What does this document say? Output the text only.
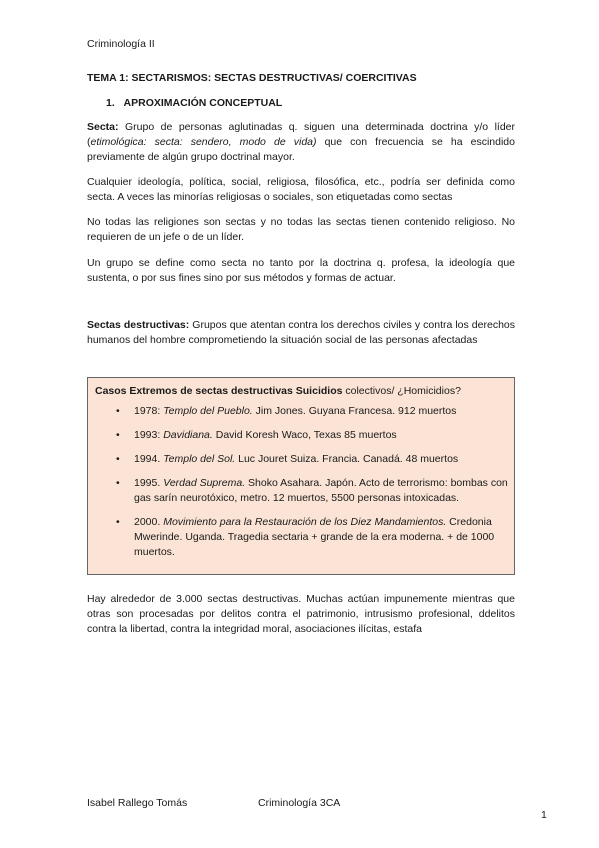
Criminología II
TEMA 1: SECTARISMOS: SECTAS DESTRUCTIVAS/ COERCITIVAS
1. APROXIMACIÓN CONCEPTUAL

Secta: Grupo de personas aglutinadas q. siguen una determinada doctrina y/o líder (etimológica: secta: sendero, modo de vida) que con frecuencia se ha escindido previamente de algún grupo doctrinal mayor.

Cualquier ideología, política, social, religiosa, filosófica, etc., podría ser definida como secta. A veces las minorías religiosas o sociales, son etiquetadas como sectas

No todas las religiones son sectas y no todas las sectas tienen contenido religioso. No requieren de un jefe o de un líder.

Un grupo se define como secta no tanto por la doctrina q. profesa, la ideología que sustenta, o por sus fines sino por sus métodos y formas de actuar.

Sectas destructivas: Grupos que atentan contra los derechos civiles y contra los derechos humanos del hombre comprometiendo la situación social de las personas afectadas

Casos Extremos de sectas destructivas Suicidios colectivos/ ¿Homicidios?
• 1978: Templo del Pueblo. Jim Jones. Guyana Francesa. 912 muertos
• 1993: Davidiana. David Koresh Waco, Texas 85 muertos
• 1994. Templo del Sol. Luc Jouret Suiza. Francia. Canadá. 48 muertos
• 1995. Verdad Suprema. Shoko Asahara. Japón. Acto de terrorismo: bombas con gas sarín neurotóxico, metro. 12 muertos, 5500 personas intoxicadas.
• 2000. Movimiento para la Restauración de los Diez Mandamientos. Credonia Mwerinde. Uganda. Tragedia sectaria + grande de la era moderna. + de 1000 muertos.

Hay alrededor de 3.000 sectas destructivas. Muchas actúan impunemente mientras que otras son procesadas por delitos contra el patrimonio, intrusismo profesional, ddelitos contra la libertad, contra la integridad moral, asociaciones ilícitas, estafa

Isabel Rallego Tomás	Criminología 3CA
1
